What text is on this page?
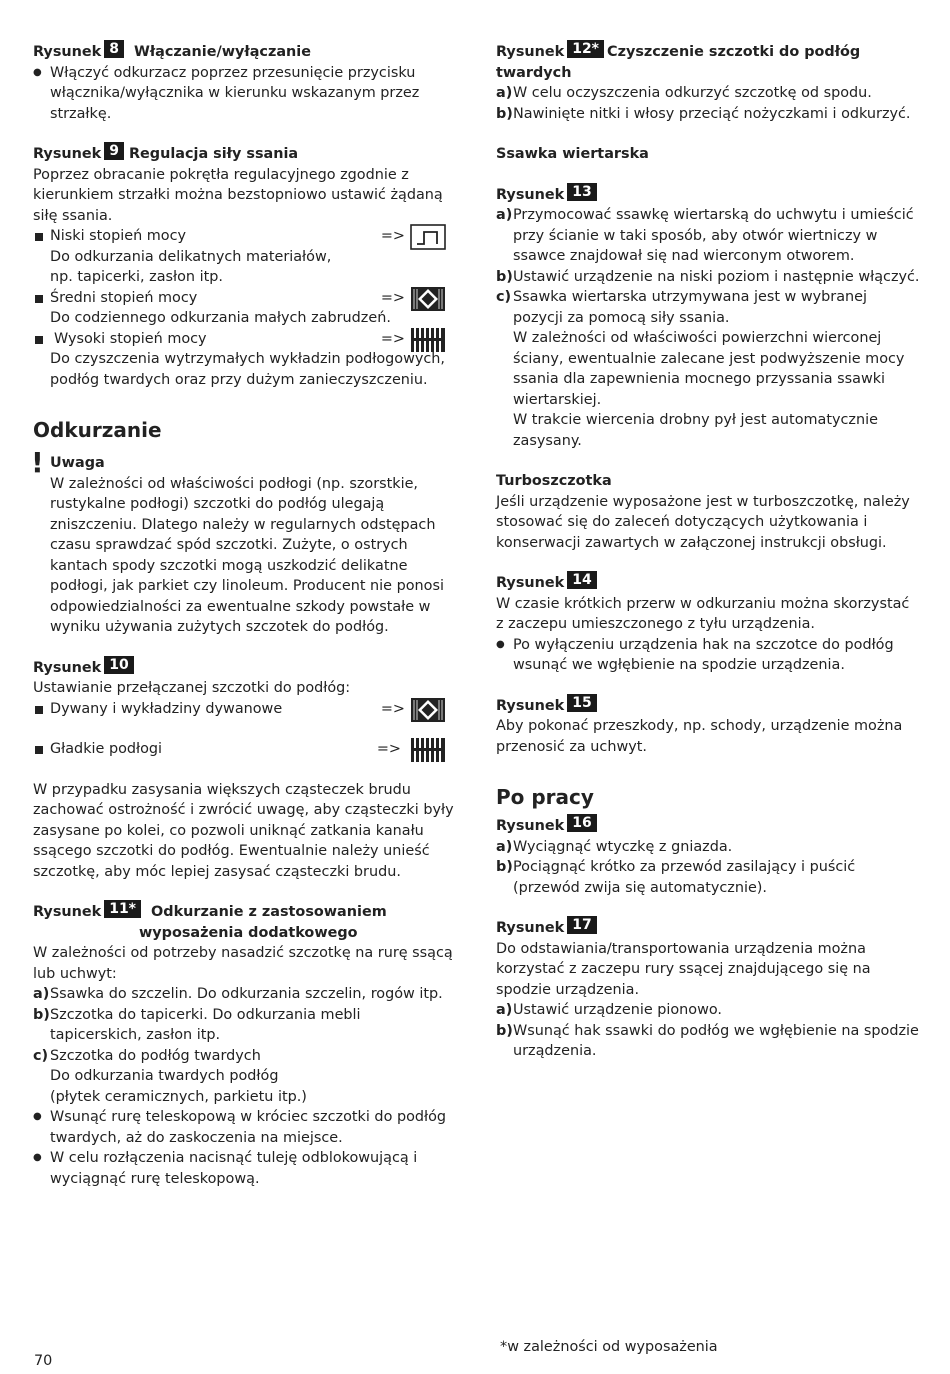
Rysunek 8 Włączanie/wyłączanie

● Włączyć odkurzacz poprzez przesunięcie przycisku włącznika/wyłącznika w kierunku wskazanym przez strzałkę.

Rysunek 9 Regulacja siły ssania

Poprzez obracanie pokrętła regulacyjnego zgodnie z kierunkiem strzałki można bezstopniowo ustawić żądaną siłę ssania.

Niski stopień mocy	=>

Do odkurzania delikatnych materiałów,

np. tapicerki, zasłon itp.

Średni stopień mocy	=>

Do codziennego odkurzania małych zabrudzeń.

Wysoki stopień mocy	=>

Do czyszczenia wytrzymałych wykładzin podłogowych, podłóg twardych oraz przy dużym zanieczyszczeniu.

Odkurzanie
! Uwaga

W zależności od właściwości podłogi (np. szorstkie, rustykalne podłogi) szczotki do podłóg ulegają zniszczeniu. Dlatego należy w regularnych odstępach czasu sprawdzać spód szczotki. Zużyte, o ostrych kantach spody szczotki mogą uszkodzić delikatne podłogi, jak parkiet czy linoleum. Producent nie ponosi odpowiedzialności za ewentualne szkody powstałe w wyniku używania zużytych szczotek do podłóg.

Rysunek 10

Ustawianie przełączanej szczotki do podłóg:

Dywany i wykładziny dywanowe	=>
Gładkie podłogi	=>

W przypadku zasysania większych cząsteczek brudu zachować ostrożność i zwrócić uwagę, aby cząsteczki były zasysane po kolei, co pozwoli uniknąć zatkania kanału ssącego szczotki do podłóg. Ewentualnie należy unieść szczotkę, aby móc lepiej zasysać cząsteczki brudu.

Rysunek 11* Odkurzanie z zastosowaniem

wyposażenia dodatkowego

W zależności od potrzeby nasadzić szczotkę na rurę ssącą lub uchwyt:

a) Ssawka do szczelin. Do odkurzania szczelin, rogów itp.

b) Szczotka do tapicerki. Do odkurzania mebli

tapicerskich, zasłon itp.

c) Szczotka do podłóg twardych

Do odkurzania twardych podłóg

(płytek ceramicznych, parkietu itp.)

● Wsunąć rurę teleskopową w króciec szczotki do podłóg twardych, aż do zaskoczenia na miejsce.

● W celu rozłączenia nacisnąć tuleję odblokowującą i wyciągnąć rurę teleskopową.

Rysunek 12* Czyszczenie szczotki do podłóg twardych

a) W celu oczyszczenia odkurzyć szczotkę od spodu.

b) Nawinięte nitki i włosy przeciąć nożyczkami i odkurzyć.

Ssawka wiertarska

Rysunek 13

a) Przymocować ssawkę wiertarską do uchwytu i umieścić przy ścianie w taki sposób, aby otwór wiertniczy w ssawce znajdował się nad wierconym otworem.

b) Ustawić urządzenie na niski poziom i następnie włączyć.

c) Ssawka wiertarska utrzymywana jest w wybranej pozycji za pomocą siły ssania.

W zależności od właściwości powierzchni wierconej ściany, ewentualnie zalecane jest podwyższenie mocy ssania dla zapewnienia mocnego przyssania ssawki wiertarskiej.

W trakcie wiercenia drobny pył jest automatycznie zasysany.

Turboszczotka

Jeśli urządzenie wyposażone jest w turboszczotkę, należy stosować się do zaleceń dotyczących użytkowania i konserwacji zawartych w załączonej instrukcji obsługi.

Rysunek 14

W czasie krótkich przerw w odkurzaniu można skorzystać z zaczepu umieszczonego z tyłu urządzenia.

● Po wyłączeniu urządzenia hak na szczotce do podłóg wsunąć we wgłębienie na spodzie urządzenia.

Rysunek 15

Aby pokonać przeszkody, np. schody, urządzenie można przenosić za uchwyt.

Po pracy

Rysunek 16

a) Wyciągnąć wtyczkę z gniazda.

b) Pociągnąć krótko za przewód zasilający i puścić (przewód zwija się automatycznie).

Rysunek 17

Do odstawiania/transportowania urządzenia można korzystać z zaczepu rury ssącej znajdującego się na spodzie urządzenia.

a) Ustawić urządzenie pionowo.

b) Wsunąć hak ssawki do podłóg we wgłębienie na spodzie urządzenia.

70
*w zależności od wyposażenia
